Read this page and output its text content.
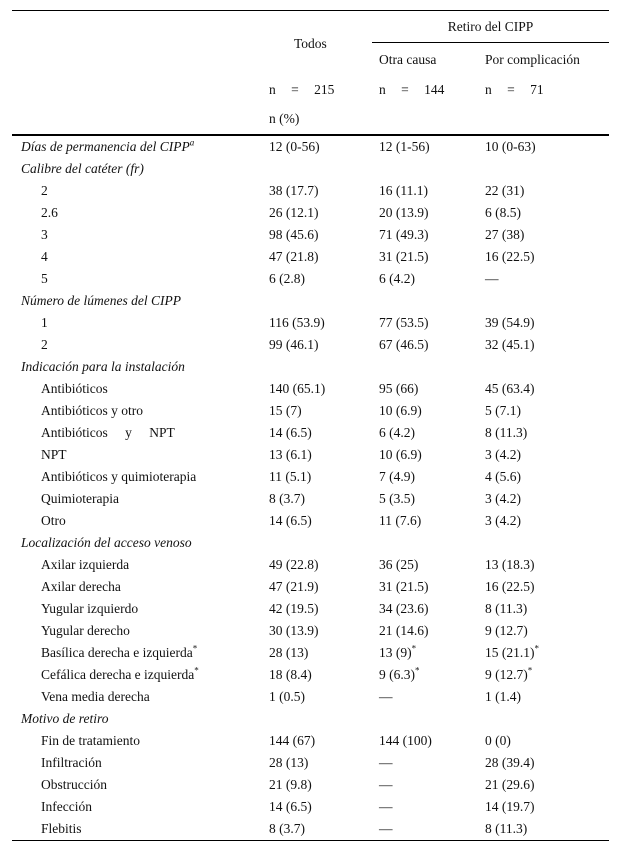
	Todos	Retiro del CIPP	
		Otra causa	Por complicación
	n = 215	n = 144	n = 71
	n (%)		
Días de permanencia del CIPP$^a$	12 (0-56)	12 (1-56)	10 (0-63)
Calibre del catéter (fr)			
2	38 (17.7)	16 (11.1)	22 (31)
2.6	26 (12.1)	20 (13.9)	6 (8.5)
3	98 (45.6)	71 (49.3)	27 (38)
4	47 (21.8)	31 (21.5)	16 (22.5)
5	6 (2.8)	6 (4.2)	—
Número de lúmenes del CIPP			
1	116 (53.9)	77 (53.5)	39 (54.9)
2	99 (46.1)	67 (46.5)	32 (45.1)
Indicación para la instalación			
Antibióticos	140 (65.1)	95 (66)	45 (63.4)
Antibióticos y otro	15 (7)	10 (6.9)	5 (7.1)
Antibióticos y NPT	14 (6.5)	6 (4.2)	8 (11.3)
NPT	13 (6.1)	10 (6.9)	3 (4.2)
Antibióticos y quimioterapia	11 (5.1)	7 (4.9)	4 (5.6)
Quimioterapia	8 (3.7)	5 (3.5)	3 (4.2)
Otro	14 (6.5)	11 (7.6)	3 (4.2)
Localización del acceso venoso			
Axilar izquierda	49 (22.8)	36 (25)	13 (18.3)
Axilar derecha	47 (21.9)	31 (21.5)	16 (22.5)
Yugular izquierdo	42 (19.5)	34 (23.6)	8 (11.3)
Yugular derecho	30 (13.9)	21 (14.6)	9 (12.7)
Basílica derecha e izquierda*	28 (13)	13 (9)*	15 (21.1)*
Cefálica derecha e izquierda*	18 (8.4)	9 (6.3)*	9 (12.7)*
Vena media derecha	1 (0.5)	—	1 (1.4)
Motivo de retiro			
Fin de tratamiento	144 (67)	144 (100)	0 (0)
Infiltración	28 (13)	—	28 (39.4)
Obstrucción	21 (9.8)	—	21 (29.6)
Infección	14 (6.5)	—	14 (19.7)
Flebitis	8 (3.7)	—	8 (11.3)
